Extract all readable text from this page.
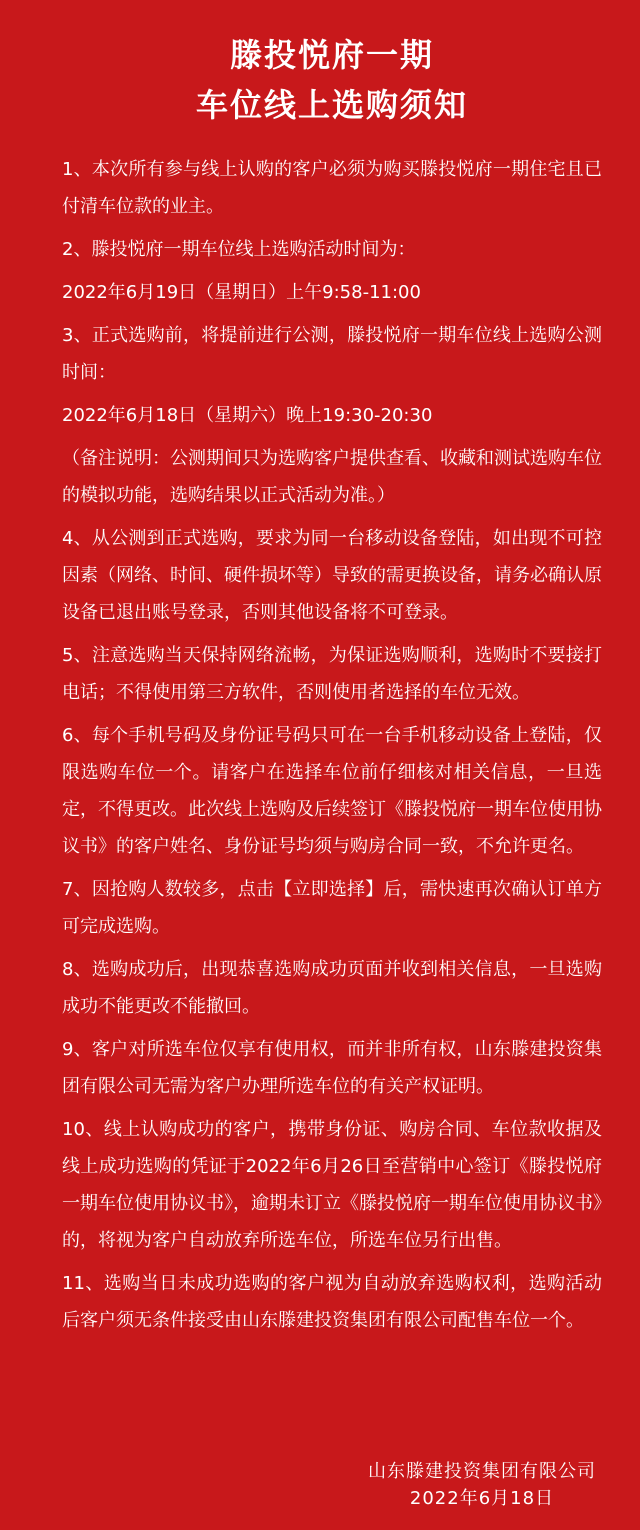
滕投悦府一期
车位线上选购须知

1、本次所有参与线上认购的客户必须为购买滕投悦府一期住宅且已付清车位款的业主。

2、滕投悦府一期车位线上选购活动时间为：

2022年6月19日（星期日）上午9:58-11:00

3、正式选购前，将提前进行公测，滕投悦府一期车位线上选购公测时间：

2022年6月18日（星期六）晚上19:30-20:30

（备注说明：公测期间只为选购客户提供查看、收藏和测试选购车位的模拟功能，选购结果以正式活动为准。）

4、从公测到正式选购，要求为同一台移动设备登陆，如出现不可控因素（网络、时间、硬件损坏等）导致的需更换设备，请务必确认原设备已退出账号登录，否则其他设备将不可登录。

5、注意选购当天保持网络流畅，为保证选购顺利，选购时不要接打电话；不得使用第三方软件，否则使用者选择的车位无效。

6、每个手机号码及身份证号码只可在一台手机移动设备上登陆，仅限选购车位一个。请客户在选择车位前仔细核对相关信息，一旦选定，不得更改。此次线上选购及后续签订《滕投悦府一期车位使用协议书》的客户姓名、身份证号均须与购房合同一致，不允许更名。

7、因抢购人数较多，点击【立即选择】后，需快速再次确认订单方可完成选购。

8、选购成功后，出现恭喜选购成功页面并收到相关信息，一旦选购成功不能更改不能撤回。

9、客户对所选车位仅享有使用权，而并非所有权，山东滕建投资集团有限公司无需为客户办理所选车位的有关产权证明。

10、线上认购成功的客户，携带身份证、购房合同、车位款收据及线上成功选购的凭证于2022年6月26日至营销中心签订《滕投悦府一期车位使用协议书》，逾期未订立《滕投悦府一期车位使用协议书》的，将视为客户自动放弃所选车位，所选车位另行出售。

11、选购当日未成功选购的客户视为自动放弃选购权利，选购活动后客户须无条件接受由山东滕建投资集团有限公司配售车位一个。

山东滕建投资集团有限公司
2022年6月18日
